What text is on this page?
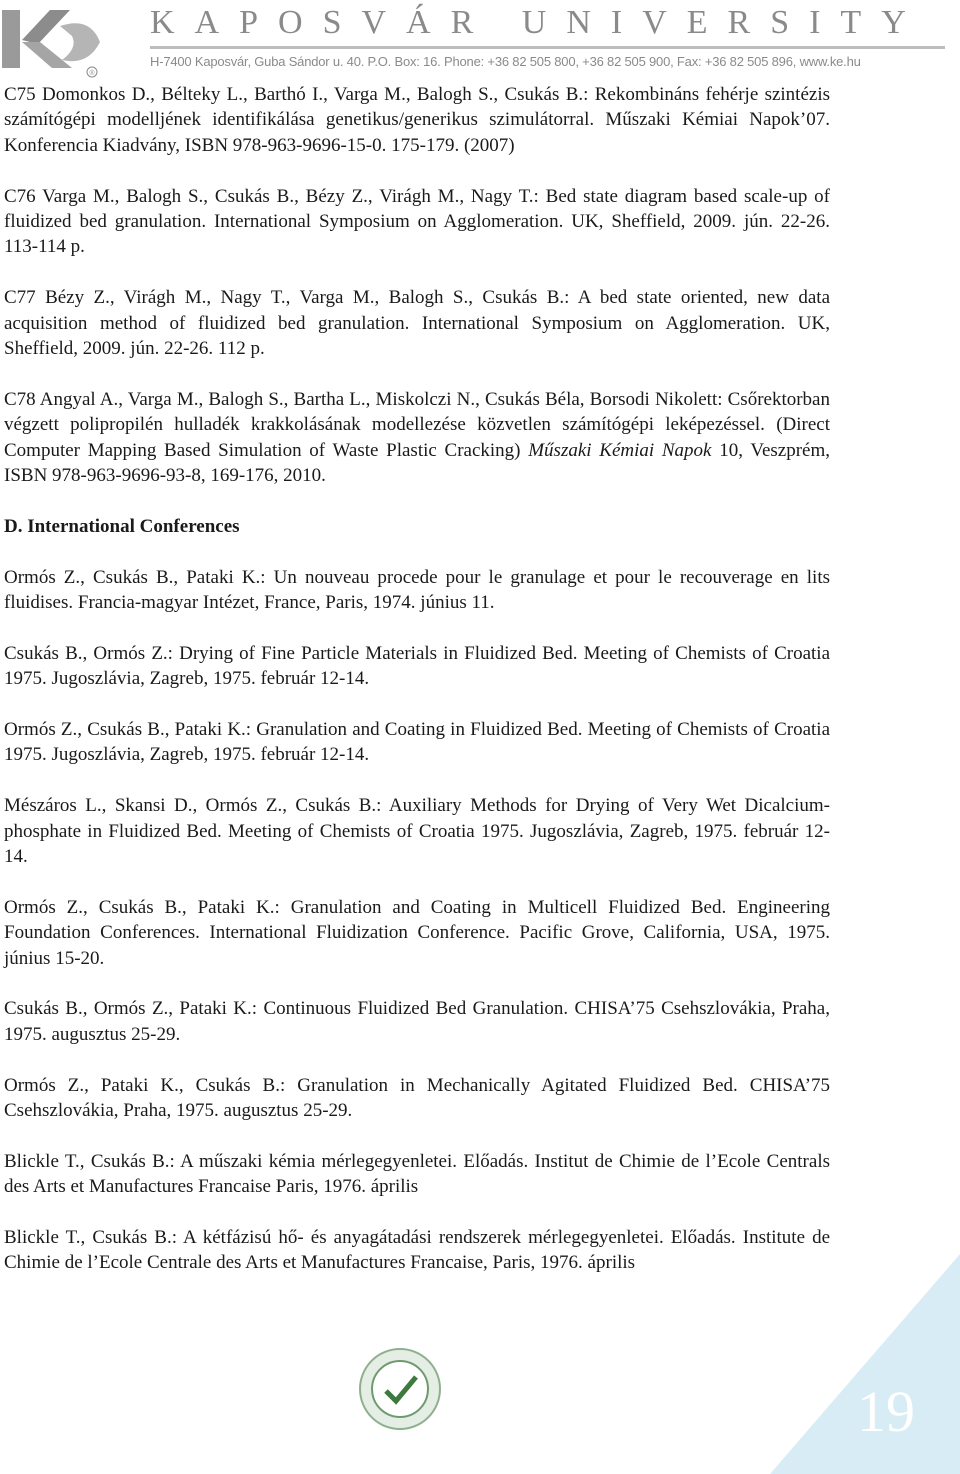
®
KAPOSVÁR UNIVERSITY
H-7400 Kaposvár, Guba Sándor u. 40. P.O. Box: 16. Phone: +36 82 505 800, +36 82 505 900, Fax: +36 82 505 896, www.ke.hu

C75 Domonkos D., Bélteky L., Barthó I., Varga M., Balogh S., Csukás B.: Rekombináns fehérje szintézis számítógépi modelljének identifikálása genetikus/generikus szimulátorral. Műszaki Kémiai Napok’07. Konferencia Kiadvány, ISBN 978-963-9696-15-0. 175-179. (2007)

C76 Varga M., Balogh S., Csukás B., Bézy Z., Virágh M., Nagy T.: Bed state diagram based scale-up of fluidized bed granulation. International Symposium on Agglomeration. UK, Sheffield, 2009. jún. 22-26. 113-114 p.

C77 Bézy Z., Virágh M., Nagy T., Varga M., Balogh S., Csukás B.: A bed state oriented, new data acquisition method of fluidized bed granulation. International Symposium on Agglomeration. UK, Sheffield, 2009. jún. 22-26. 112 p.

C78 Angyal A., Varga M., Balogh S., Bartha L., Miskolczi N., Csukás Béla, Borsodi Nikolett: Csőrektorban végzett polipropilén hulladék krakkolásának modellezése közvetlen számítógépi leképezéssel. (Direct Computer Mapping Based Simulation of Waste Plastic Cracking) Műszaki Kémiai Napok 10, Veszprém, ISBN 978-963-9696-93-8, 169-176, 2010.

D. International Conferences

Ormós Z., Csukás B., Pataki K.: Un nouveau procede pour le granulage et pour le recouverage en lits fluidises. Francia-magyar Intézet, France, Paris, 1974. június 11.

Csukás B., Ormós Z.: Drying of Fine Particle Materials in Fluidized Bed. Meeting of Chemists of Croatia 1975. Jugoszlávia, Zagreb, 1975. február 12-14.

Ormós Z., Csukás B., Pataki K.: Granulation and Coating in Fluidized Bed. Meeting of Chemists of Croatia 1975. Jugoszlávia, Zagreb, 1975. február 12-14.

Mészáros L., Skansi D., Ormós Z., Csukás B.: Auxiliary Methods for Drying of Very Wet Dicalcium-phosphate in Fluidized Bed. Meeting of Chemists of Croatia 1975. Jugoszlávia, Zagreb, 1975. február 12-14.

Ormós Z., Csukás B., Pataki K.: Granulation and Coating in Multicell Fluidized Bed. Engineering Foundation Conferences. International Fluidization Conference. Pacific Grove, California, USA, 1975. június 15-20.

Csukás B., Ormós Z., Pataki K.: Continuous Fluidized Bed Granulation. CHISA’75 Csehszlovákia, Praha, 1975. augusztus 25-29.

Ormós Z., Pataki K., Csukás B.: Granulation in Mechanically Agitated Fluidized Bed. CHISA’75 Csehszlovákia, Praha, 1975. augusztus 25-29.

Blickle T., Csukás B.: A műszaki kémia mérlegegyenletei. Előadás. Institut de Chimie de l’Ecole Centrals des Arts et Manufactures Francaise Paris, 1976. április

Blickle T., Csukás B.: A kétfázisú hő- és anyagátadási rendszerek mérlegegyenletei. Előadás. Institute de Chimie de l’Ecole Centrale des Arts et Manufactures Francaise, Paris, 1976. április

19
